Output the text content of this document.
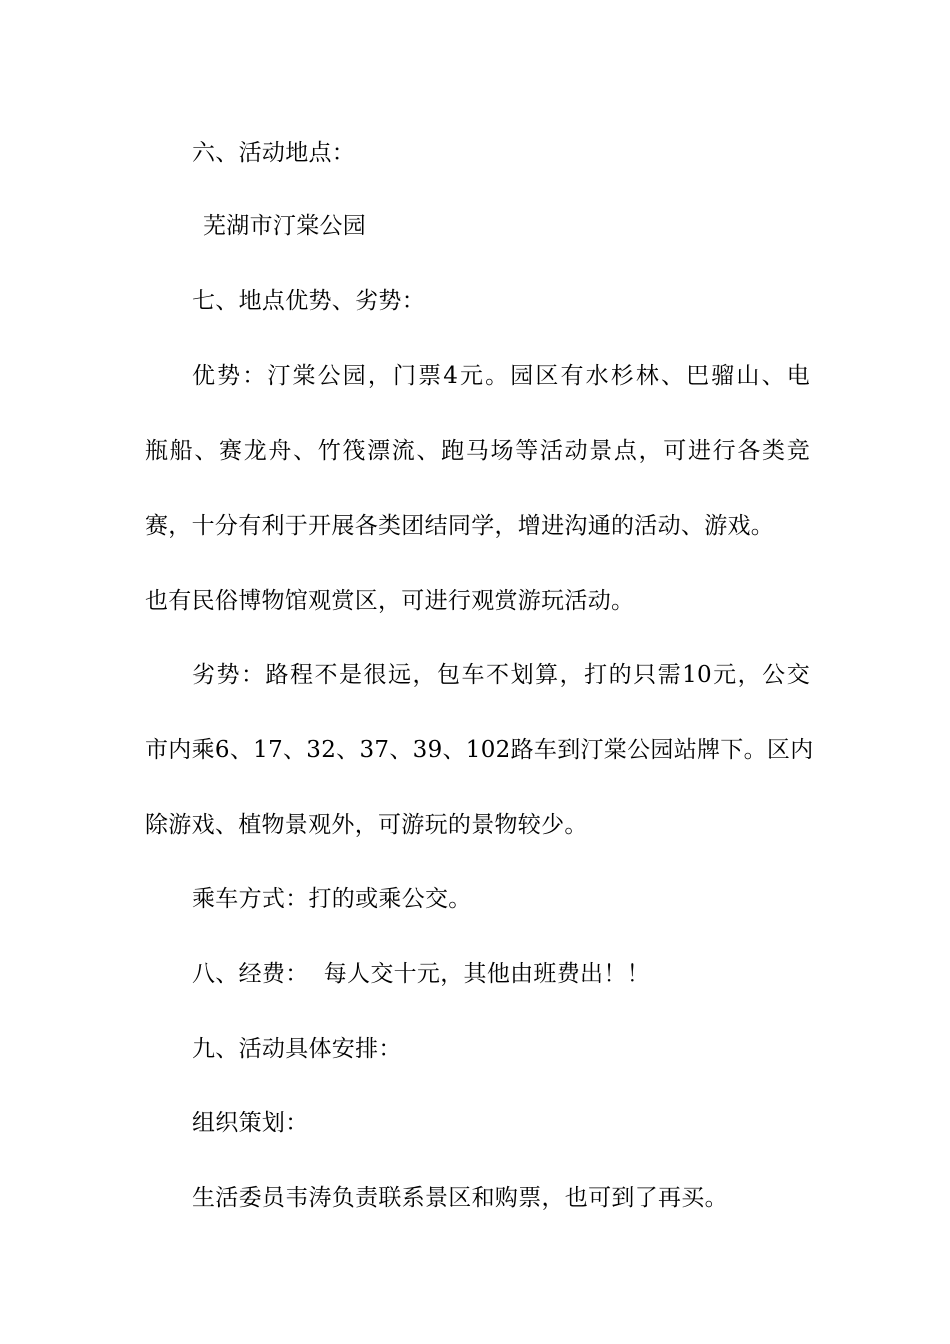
六、活动地点：
芜湖市汀棠公园
七、地点优势、劣势：
优势：汀棠公园，门票4元。园区有水杉林、巴骝山、电
瓶船、赛龙舟、竹筏漂流、跑马场等活动景点，可进行各类竞
赛，十分有利于开展各类团结同学，增进沟通的活动、游戏。
也有民俗博物馆观赏区，可进行观赏游玩活动。
劣势：路程不是很远，包车不划算，打的只需10元，公交
市内乘6、17、32、37、39、102路车到汀棠公园站牌下。区内
除游戏、植物景观外，可游玩的景物较少。
乘车方式：打的或乘公交。
八、经费：  每人交十元，其他由班费出！！
九、活动具体安排：
组织策划：
生活委员韦涛负责联系景区和购票，也可到了再买。
